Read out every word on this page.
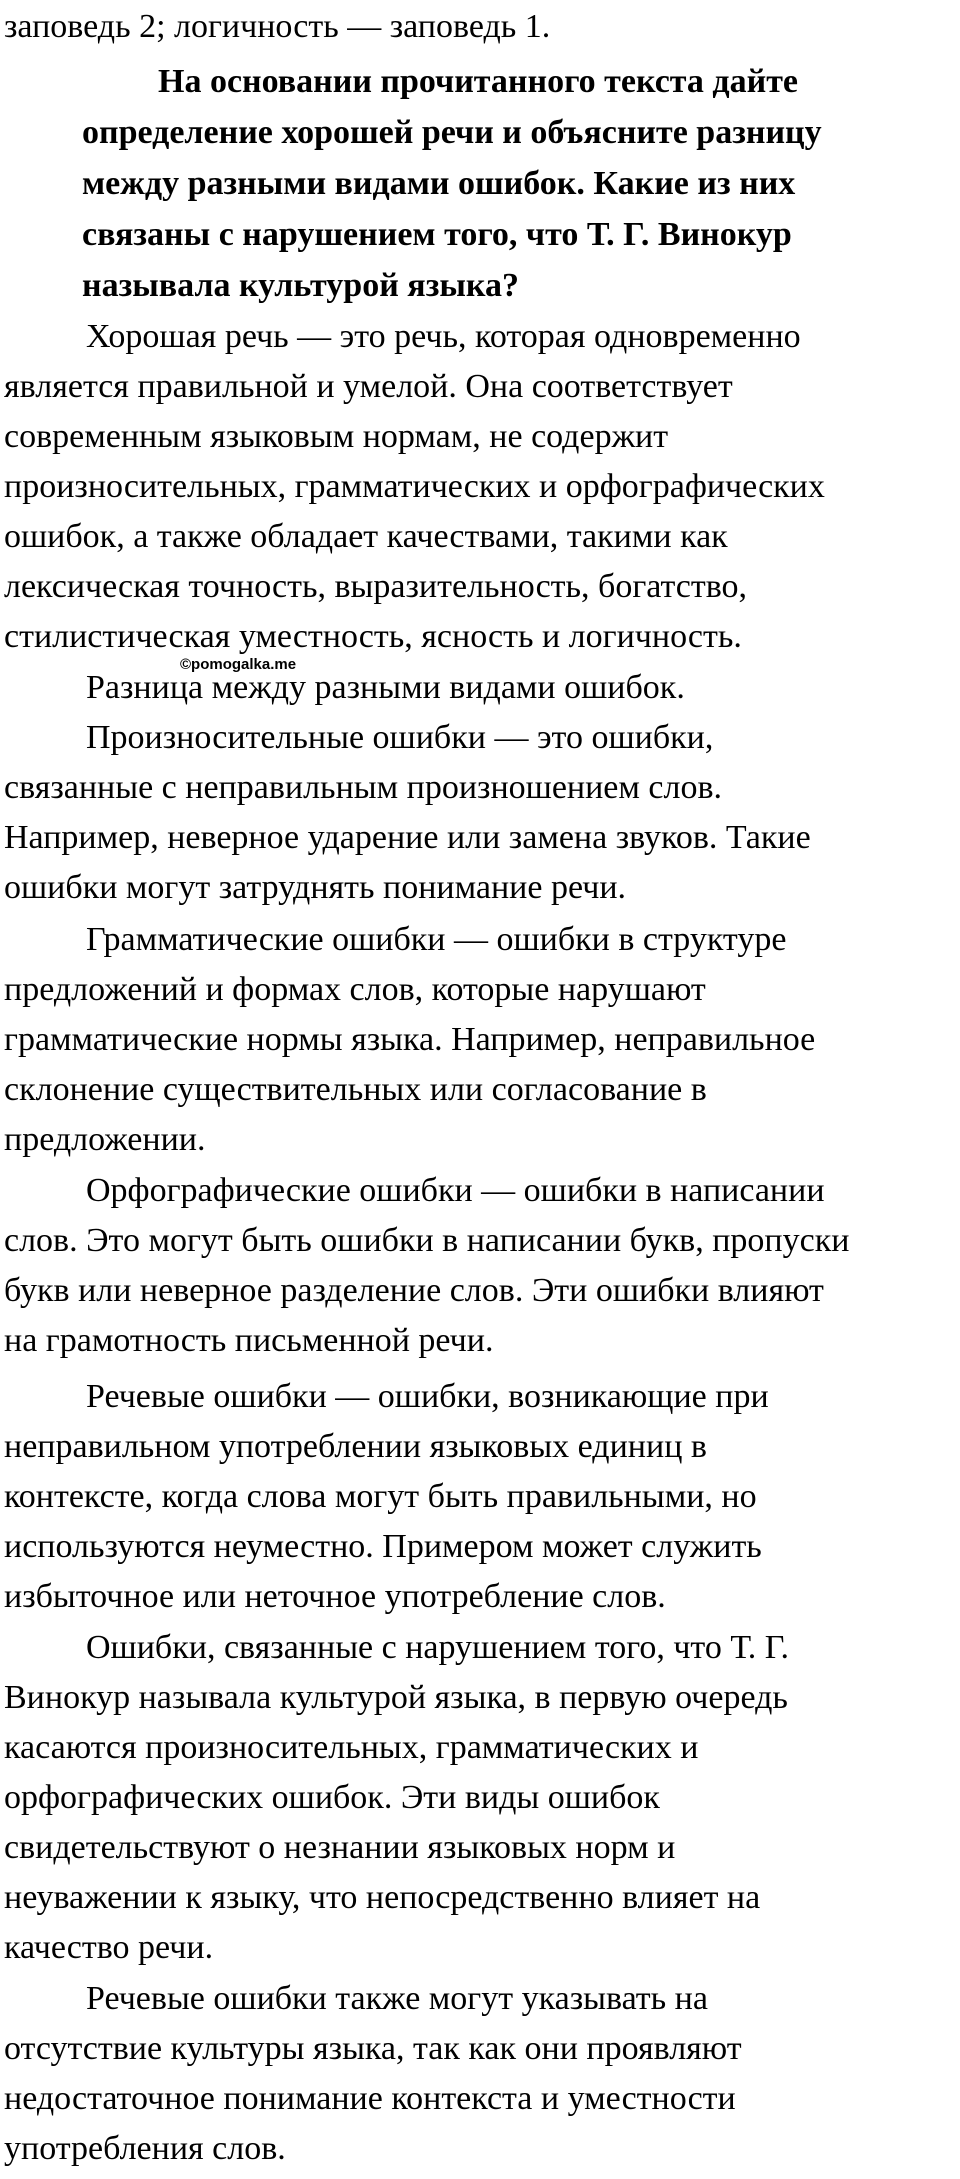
заповедь 2; логичность — заповедь 1.

На основании прочитанного текста дайте
определение хорошей речи и объясните разницу
между разными видами ошибок. Какие из них
связаны с нарушением того, что Т. Г. Винокур
называла культурой языка?

Хорошая речь — это речь, которая одновременно
является правильной и умелой. Она соответствует
современным языковым нормам, не содержит
произносительных, грамматических и орфографических
ошибок, а также обладает качествами, такими как
лексическая точность, выразительность, богатство,
стилистическая уместность, ясность и логичность.

©pomogalka.me

Разница между разными видами ошибок.

Произносительные ошибки — это ошибки,
связанные с неправильным произношением слов.
Например, неверное ударение или замена звуков. Такие
ошибки могут затруднять понимание речи.

Грамматические ошибки — ошибки в структуре
предложений и формах слов, которые нарушают
грамматические нормы языка. Например, неправильное
склонение существительных или согласование в
предложении.

Орфографические ошибки — ошибки в написании
слов. Это могут быть ошибки в написании букв, пропуски
букв или неверное разделение слов. Эти ошибки влияют
на грамотность письменной речи.

Речевые ошибки — ошибки, возникающие при
неправильном употреблении языковых единиц в
контексте, когда слова могут быть правильными, но
используются неуместно. Примером может служить
избыточное или неточное употребление слов.

Ошибки, связанные с нарушением того, что Т. Г.
Винокур называла культурой языка, в первую очередь
касаются произносительных, грамматических и
орфографических ошибок. Эти виды ошибок
свидетельствуют о незнании языковых норм и
неуважении к языку, что непосредственно влияет на
качество речи.

Речевые ошибки также могут указывать на
отсутствие культуры языка, так как они проявляют
недостаточное понимание контекста и уместности
употребления слов.
